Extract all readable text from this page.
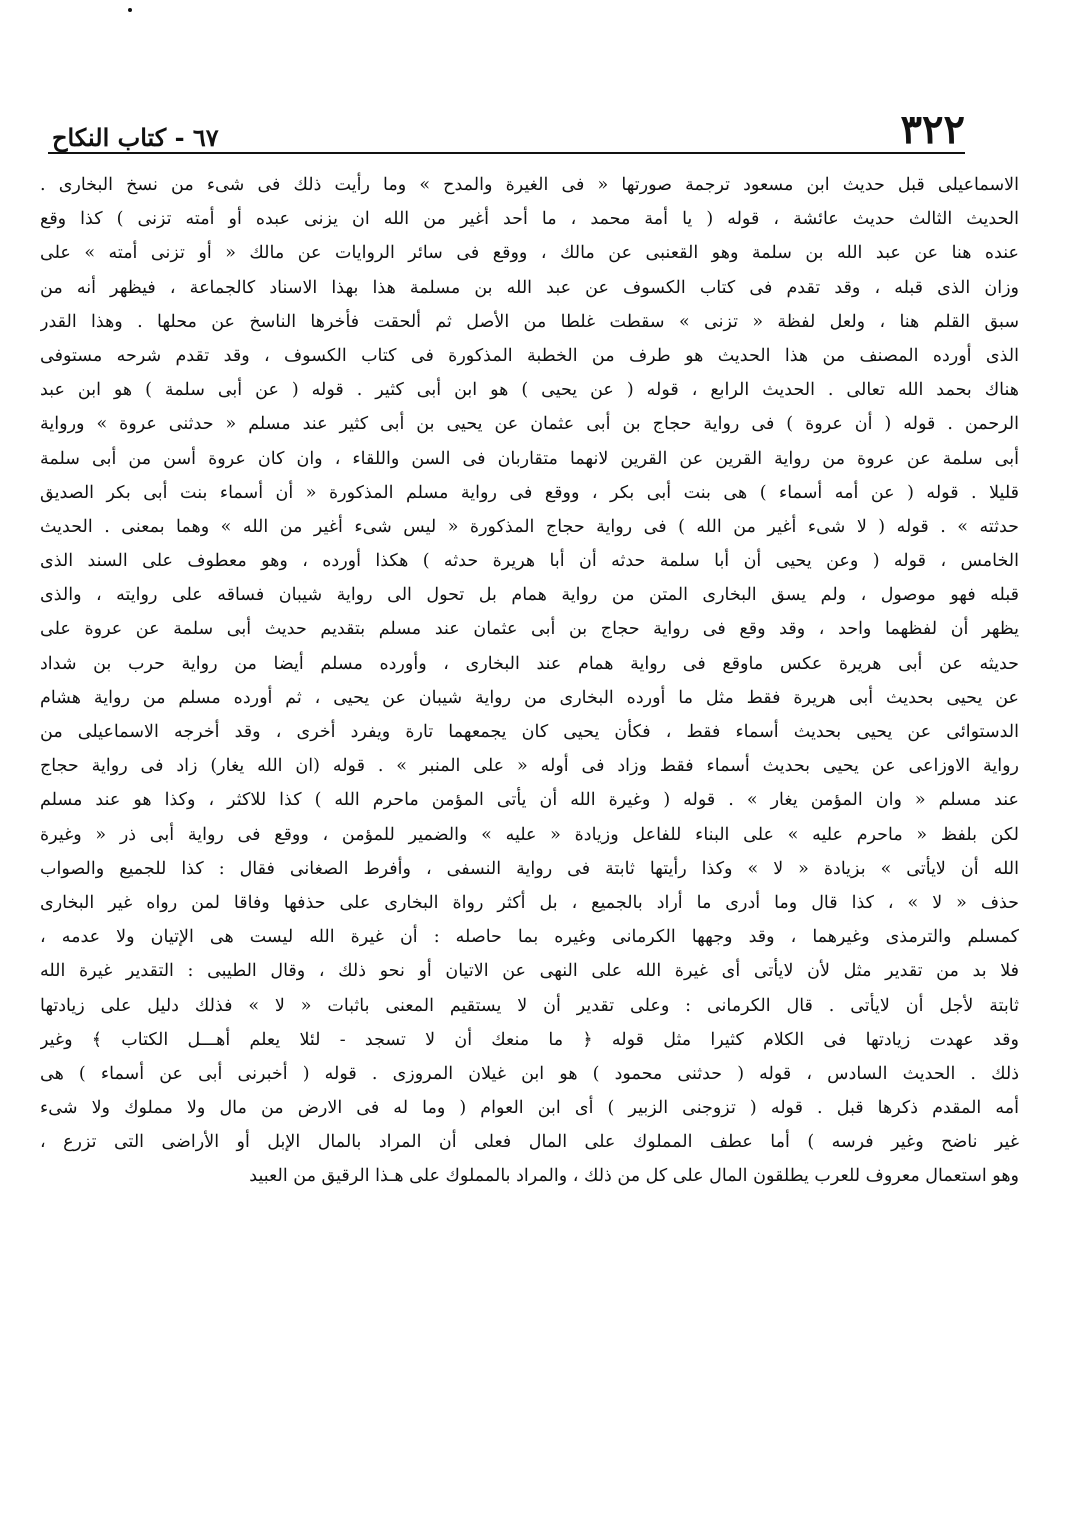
٣٢٢
٦٧ - كتاب النكاح
الاسماعيلى قبل حديث ابن مسعود ترجمة صورتها « فى الغيرة والمدح » وما رأيت ذلك فى شىء من نسخ البخارى .
الحديث الثالث حديث عائشة ، قوله ( يا أمة محمد ، ما أحد أغير من الله ان يزنى عبده أو أمته تزنى ) كذا وقع
عنده هنا عن عبد الله بن سلمة وهو القعنبى عن مالك ، ووقع فى سائر الروايات عن مالك « أو تزنى أمته » على
وزان الذى قبله ، وقد تقدم فى كتاب الكسوف عن عبد الله بن مسلمة هذا بهذا الاسناد كالجماعة ، فيظهر أنه من
سبق القلم هنا ، ولعل لفظة « تزنى » سقطت غلطا من الأصل ثم ألحقت فأخرها الناسخ عن محلها . وهذا القدر
الذى أورده المصنف من هذا الحديث هو طرف من الخطبة المذكورة فى كتاب الكسوف ، وقد تقدم شرحه مستوفى
هناك بحمد الله تعالى . الحديث الرابع ، قوله ( عن يحيى ) هو ابن أبى كثير . قوله ( عن أبى سلمة ) هو ابن عبد
الرحمن . قوله ( أن عروة ) فى رواية حجاج بن أبى عثمان عن يحيى بن أبى كثير عند مسلم « حدثنى عروة » ورواية
أبى سلمة عن عروة من رواية القرين عن القرين لانهما متقاربان فى السن واللقاء ، وان كان عروة أسن من أبى سلمة
قليلا . قوله ( عن أمه أسماء ) هى بنت أبى بكر ، ووقع فى رواية مسلم المذكورة « أن أسماء بنت أبى بكر الصديق
حدثته » . قوله ( لا شىء أغير من الله ) فى رواية حجاج المذكورة « ليس شىء أغير من الله » وهما بمعنى . الحديث
الخامس ، قوله ( وعن يحيى أن أبا سلمة حدثه أن أبا هريرة حدثه ) هكذا أورده ، وهو معطوف على السند الذى
قبله فهو موصول ، ولم يسق البخارى المتن من رواية همام بل تحول الى رواية شيبان فساقه على روايته ، والذى
يظهر أن لفظهما واحد ، وقد وقع فى رواية حجاج بن أبى عثمان عند مسلم بتقديم حديث أبى سلمة عن عروة على
حديثه عن أبى هريرة عكس ماوقع فى رواية همام عند البخارى ، وأورده مسلم أيضا من رواية حرب بن شداد
عن يحيى بحديث أبى هريرة فقط مثل ما أورده البخارى من رواية شيبان عن يحيى ، ثم أورده مسلم من رواية هشام
الدستوائى عن يحيى بحديث أسماء فقط ، فكأن يحيى كان يجمعهما تارة ويفرد أخرى ، وقد أخرجه الاسماعيلى من
رواية الاوزاعى عن يحيى بحديث أسماء فقط وزاد فى أوله « على المنبر » . قوله (ان الله يغار) زاد فى رواية حجاج
عند مسلم « وان المؤمن يغار » . قوله ( وغيرة الله أن يأتى المؤمن ماحرم الله ) كذا للاكثر ، وكذا هو عند مسلم
لكن بلفظ « ماحرم عليه » على البناء للفاعل وزيادة « عليه » والضمير للمؤمن ، ووقع فى رواية أبى ذر « وغيرة
الله أن لايأتى » بزيادة « لا » وكذا رأيتها ثابتة فى رواية النسفى ، وأفرط الصغانى فقال : كذا للجميع والصواب
حذف « لا » ، كذا قال وما أدرى ما أراد بالجميع ، بل أكثر رواة البخارى على حذفها وفاقا لمن رواه غير البخارى
كمسلم والترمذى وغيرهما ، وقد وجهها الكرمانى وغيره بما حاصله : أن غيرة الله ليست هى الإتيان ولا عدمه ،
فلا بد من تقدير مثل لأن لايأتى أى غيرة الله على النهى عن الاتيان أو نحو ذلك ، وقال الطيبى : التقدير غيرة الله
ثابتة لأجل أن لايأتى . قال الكرمانى : وعلى تقدير أن لا يستقيم المعنى باثبات « لا » فذلك دليل على زيادتها
وقد عهدت زيادتها فى الكلام كثيرا مثل قوله ﴿ ما منعك أن لا تسجد - لئلا يعلم أهـــل الكتاب ﴾ وغير
ذلك . الحديث السادس ، قوله ( حدثنى محمود ) هو ابن غيلان المروزى . قوله ( أخبرنى أبى عن أسماء ) هى
أمه المقدم ذكرها قبل . قوله ( تزوجنى الزبير ) أى ابن العوام ( وما له فى الارض من مال ولا مملوك ولا شىء
غير ناضح وغير فرسه ) أما عطف المملوك على المال فعلى أن المراد بالمال الإبل أو الأراضى التى تزرع ،
وهو استعمال معروف للعرب يطلقون المال على كل من ذلك ، والمراد بالمملوك على هـذا الرقيق من العبيد
